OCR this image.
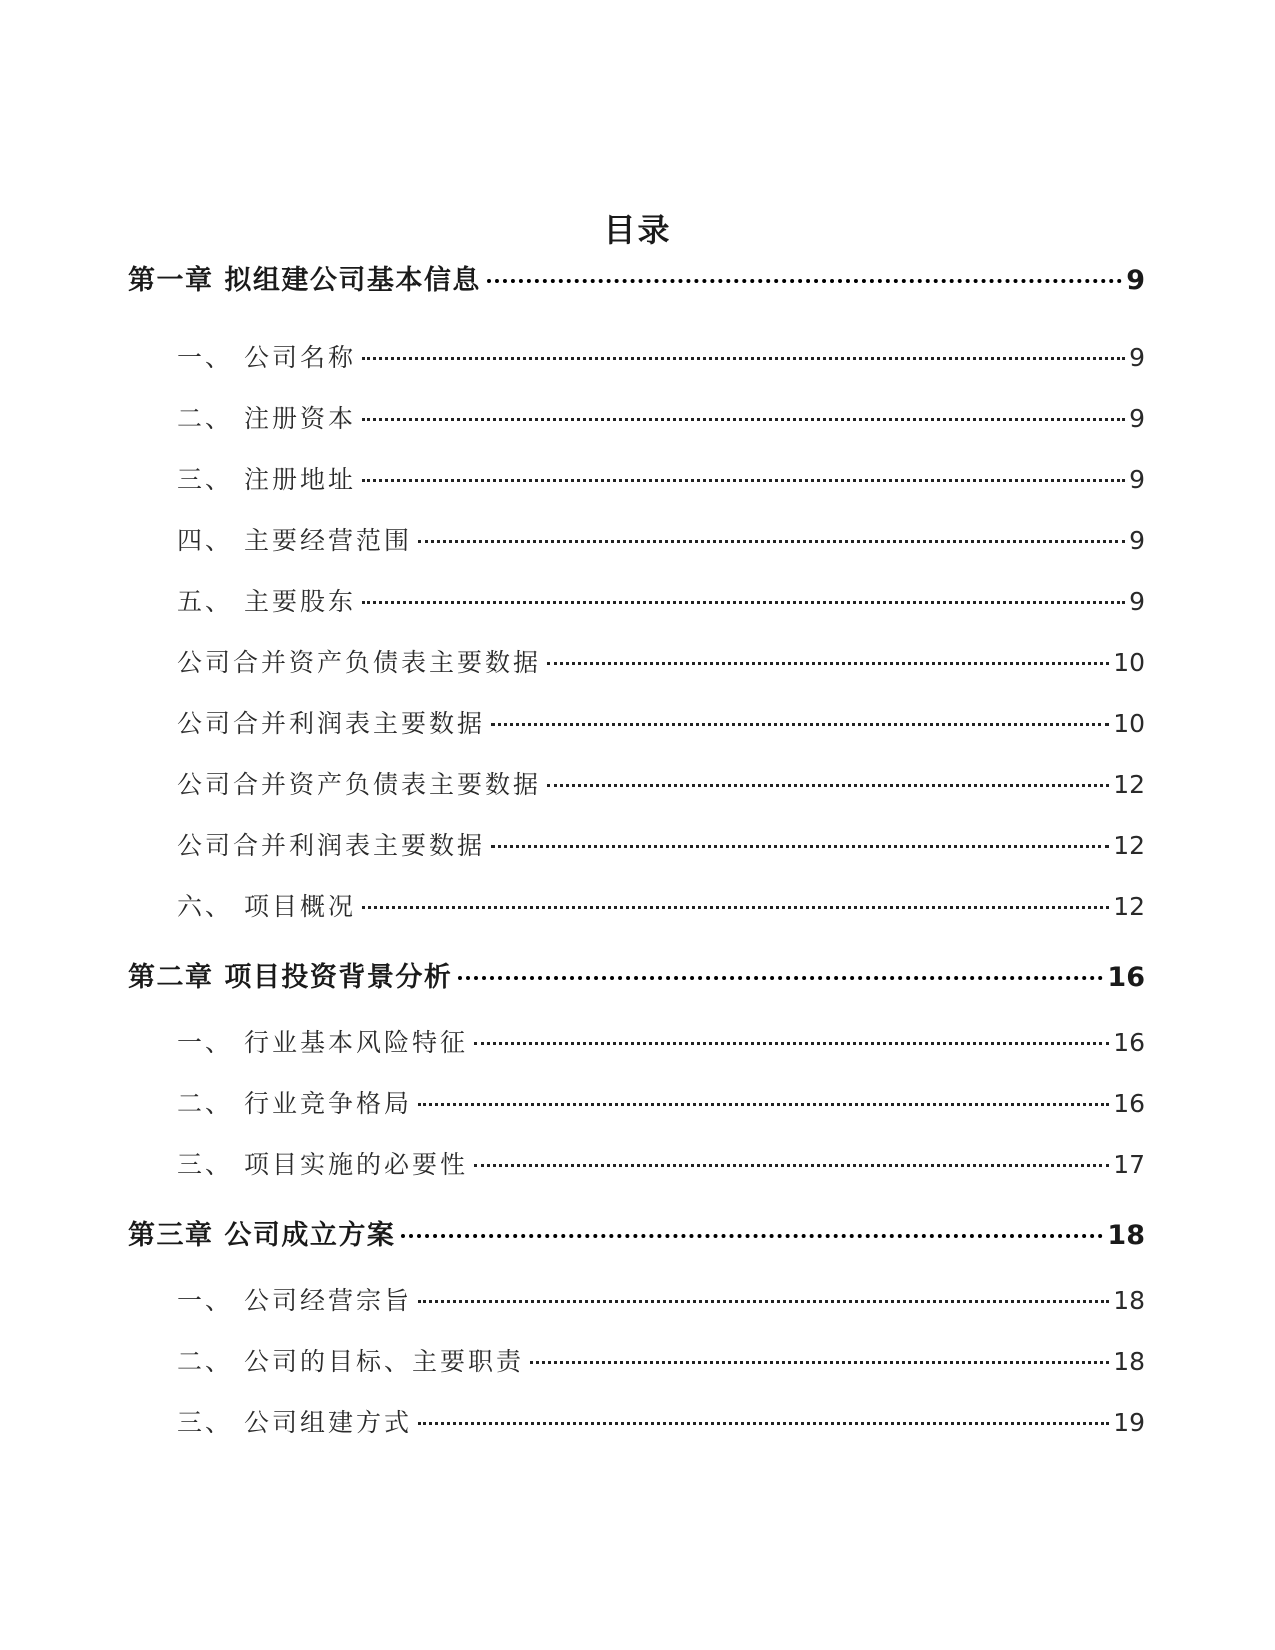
目录
第一章 拟组建公司基本信息	9
一、 公司名称	9
二、 注册资本	9
三、 注册地址	9
四、 主要经营范围	9
五、 主要股东	9
公司合并资产负债表主要数据	10
公司合并利润表主要数据	10
公司合并资产负债表主要数据	12
公司合并利润表主要数据	12
六、 项目概况	12
第二章 项目投资背景分析	16
一、 行业基本风险特征	16
二、 行业竞争格局	16
三、 项目实施的必要性	17
第三章 公司成立方案	18
一、 公司经营宗旨	18
二、 公司的目标、主要职责	18
三、 公司组建方式	19
